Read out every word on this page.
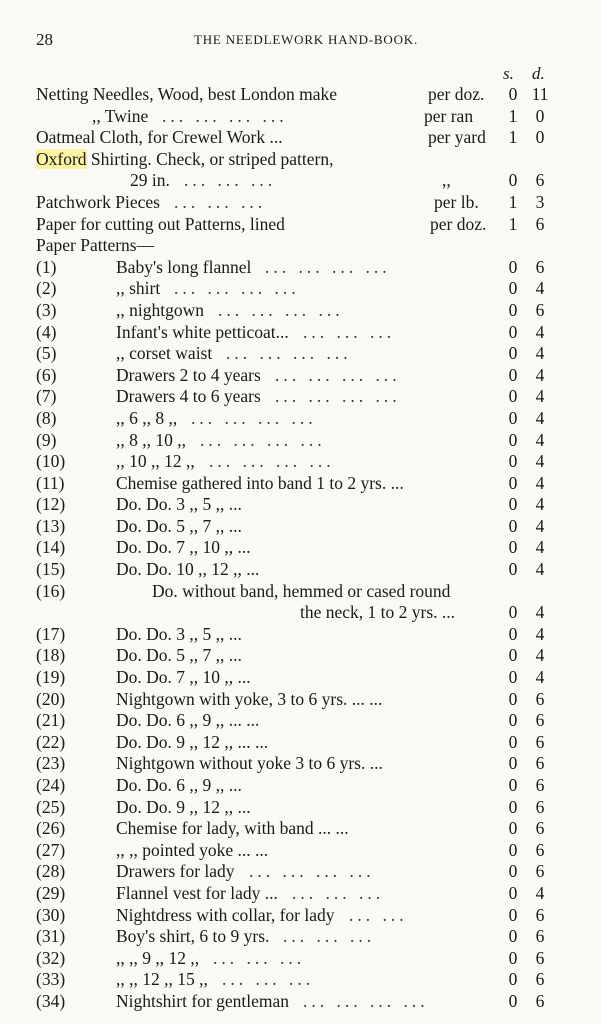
28	THE NEEDLEWORK HAND-BOOK.
s. d.
Netting Needles, Wood, best London make	per doz. 0 11
,, Twine ... ... ... ...	per ran 1	0
Oatmeal Cloth, for Crewel Work ...	per yard 1	0
Oxford Shirting. Check, or striped pattern,
29 in. ... ... ...	,,	0	6
Patchwork Pieces ... ... ...	per lb. 1	3
Paper for cutting out Patterns, lined	per doz. 1	6
Paper Patterns—
(1)	Baby's long flannel ... ... ... ...	0	6
(2)	,, shirt ... ... ... ...	0	4
(3)	,, nightgown ... ... ... ...	0	6
(4)	Infant's white petticoat... ... ... ...	0	4
(5)	,, corset waist ... ... ... ...	0	4
(6)	Drawers 2 to 4 years ... ... ... ...	0	4
(7)	Drawers 4 to 6 years ... ... ... ...	0	4
(8)	,, 6 ,, 8 ,, ... ... ... ...	0	4
(9)	,, 8 ,, 10 ,, ... ... ... ...	0	4
(10)	,, 10 ,, 12 ,, ... ... ... ...	0	4
(11)	Chemise gathered into band 1 to 2 yrs. ...	0	4
(12)	Do. Do. 3 ,, 5 ,, ...	0	4
(13)	Do. Do. 5 ,, 7 ,, ...	0	4
(14)	Do. Do. 7 ,, 10 ,, ...	0	4
(15)	Do. Do. 10 ,, 12 ,, ...	0	4
(16)	Do. without band, hemmed or cased round
the neck, 1 to 2 yrs. ...	0	4
(17)	Do. Do. 3 ,, 5 ,, ...	0	4
(18)	Do. Do. 5 ,, 7 ,, ...	0	4
(19)	Do. Do. 7 ,, 10 ,, ...	0	4
(20)	Nightgown with yoke, 3 to 6 yrs. ... ...	0	6
(21)	Do. Do. 6 ,, 9 ,, ... ...	0	6
(22)	Do. Do. 9 ,, 12 ,, ... ...	0	6
(23)	Nightgown without yoke 3 to 6 yrs. ...	0	6
(24)	Do. Do. 6 ,, 9 ,, ...	0	6
(25)	Do. Do. 9 ,, 12 ,, ...	0	6
(26)	Chemise for lady, with band ... ...	0	6
(27)	,, ,, pointed yoke ... ...	0	6
(28)	Drawers for lady ... ... ... ...	0	6
(29)	Flannel vest for lady ... ... ... ...	0	4
(30)	Nightdress with collar, for lady ... ...	0	6
(31)	Boy's shirt, 6 to 9 yrs. ... ... ...	0	6
(32)	,, ,, 9 ,, 12 ,, ... ... ...	0	6
(33)	,, ,, 12 ,, 15 ,, ... ... ...	0	6
(34)	Nightshirt for gentleman ... ... ... ...	0	6
